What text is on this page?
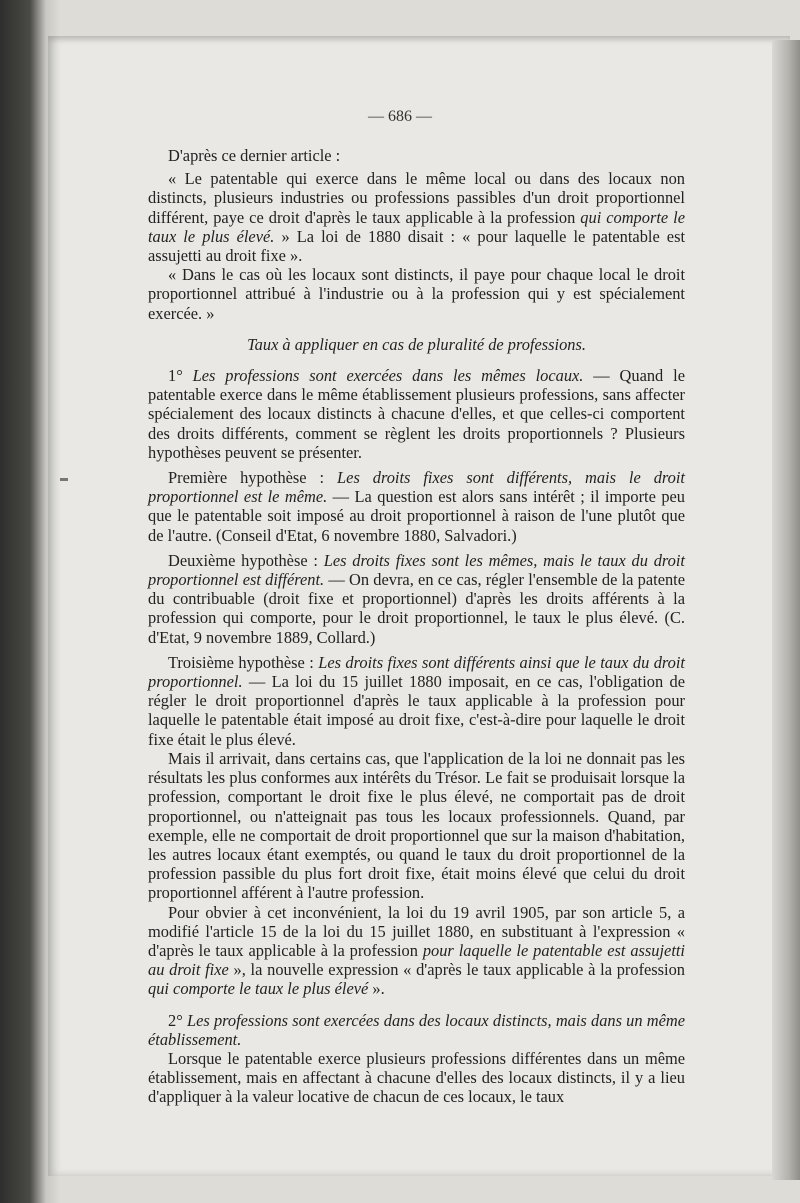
— 686 —

D'après ce dernier article :

« Le patentable qui exerce dans le même local ou dans des locaux non distincts, plusieurs industries ou professions passibles d'un droit proportionnel différent, paye ce droit d'après le taux applicable à la profession qui comporte le taux le plus élevé. » La loi de 1880 disait : « pour laquelle le patentable est assujetti au droit fixe ».

« Dans le cas où les locaux sont distincts, il paye pour chaque local le droit proportionnel attribué à l'industrie ou à la profession qui y est spécialement exercée. »

Taux à appliquer en cas de pluralité de professions.

1° Les professions sont exercées dans les mêmes locaux. — Quand le patentable exerce dans le même établissement plusieurs professions, sans affecter spécialement des locaux distincts à chacune d'elles, et que celles-ci comportent des droits différents, comment se règlent les droits proportionnels ? Plusieurs hypothèses peuvent se présenter.

Première hypothèse : Les droits fixes sont différents, mais le droit proportionnel est le même. — La question est alors sans intérêt ; il importe peu que le patentable soit imposé au droit proportionnel à raison de l'une plutôt que de l'autre. (Conseil d'Etat, 6 novembre 1880, Salvadori.)

Deuxième hypothèse : Les droits fixes sont les mêmes, mais le taux du droit proportionnel est différent. — On devra, en ce cas, régler l'ensemble de la patente du contribuable (droit fixe et proportionnel) d'après les droits afférents à la profession qui comporte, pour le droit proportionnel, le taux le plus élevé. (C. d'Etat, 9 novembre 1889, Collard.)

Troisième hypothèse : Les droits fixes sont différents ainsi que le taux du droit proportionnel. — La loi du 15 juillet 1880 imposait, en ce cas, l'obligation de régler le droit proportionnel d'après le taux applicable à la profession pour laquelle le patentable était imposé au droit fixe, c'est-à-dire pour laquelle le droit fixe était le plus élevé.

Mais il arrivait, dans certains cas, que l'application de la loi ne donnait pas les résultats les plus conformes aux intérêts du Trésor. Le fait se produisait lorsque la profession, comportant le droit fixe le plus élevé, ne comportait pas de droit proportionnel, ou n'atteignait pas tous les locaux professionnels. Quand, par exemple, elle ne comportait de droit proportionnel que sur la maison d'habitation, les autres locaux étant exemptés, ou quand le taux du droit proportionnel de la profession passible du plus fort droit fixe, était moins élevé que celui du droit proportionnel afférent à l'autre profession.

Pour obvier à cet inconvénient, la loi du 19 avril 1905, par son article 5, a modifié l'article 15 de la loi du 15 juillet 1880, en substituant à l'expression « d'après le taux applicable à la profession pour laquelle le patentable est assujetti au droit fixe », la nouvelle expression « d'après le taux applicable à la profession qui comporte le taux le plus élevé ».

2° Les professions sont exercées dans des locaux distincts, mais dans un même établissement.

Lorsque le patentable exerce plusieurs professions différentes dans un même établissement, mais en affectant à chacune d'elles des locaux distincts, il y a lieu d'appliquer à la valeur locative de chacun de ces locaux, le taux
